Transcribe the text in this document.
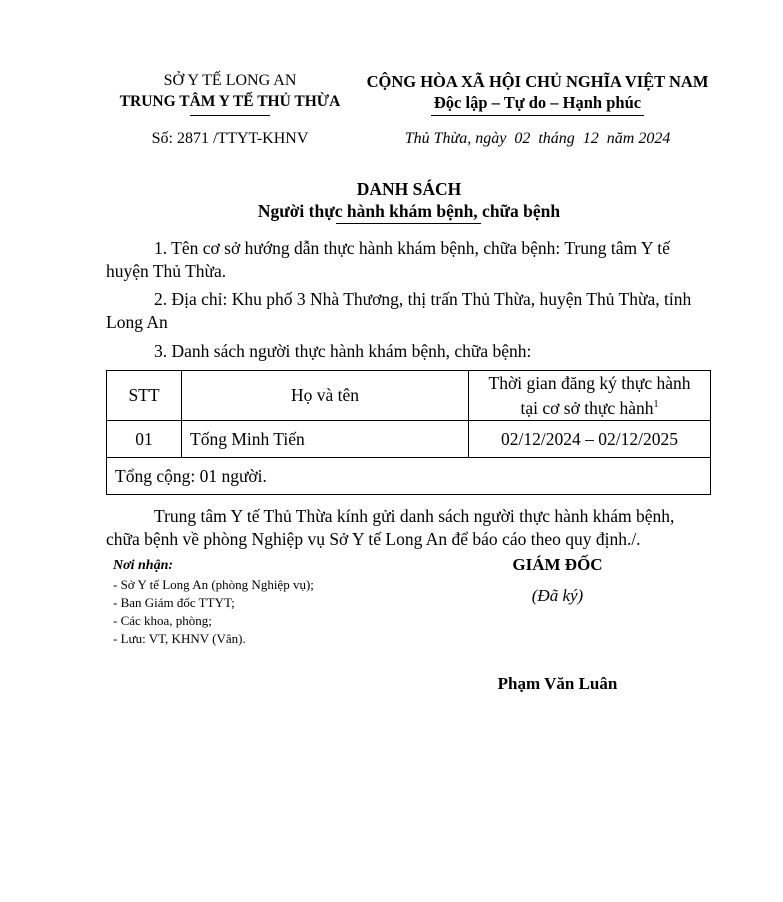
SỞ Y TẾ LONG AN
TRUNG TÂM Y TẾ THỦ THỪA
Số: 2871 /TTYT-KHNV
CỘNG HÒA XÃ HỘI CHỦ NGHĨA VIỆT NAM
Độc lập – Tự do – Hạnh phúc
Thủ Thừa, ngày  02  tháng  12  năm 2024
DANH SÁCH
Người thực hành khám bệnh, chữa bệnh
1. Tên cơ sở hướng dẫn thực hành khám bệnh, chữa bệnh: Trung tâm Y tế huyện Thủ Thừa.
2. Địa chỉ: Khu phố 3 Nhà Thương, thị trấn Thủ Thừa, huyện Thủ Thừa, tỉnh Long An
3. Danh sách người thực hành khám bệnh, chữa bệnh:
STT	Họ và tên	Thời gian đăng ký thực hành
tại cơ sở thực hành$^1$
01	Tống Minh Tiến	02/12/2024 – 02/12/2025
Tổng cộng: 01 người.		
Trung tâm Y tế Thủ Thừa kính gửi danh sách người thực hành khám bệnh, chữa bệnh về phòng Nghiệp vụ Sở Y tế Long An để báo cáo theo quy định./.
Nơi nhận:
- Sở Y tế Long An (phòng Nghiệp vụ);
- Ban Giám đốc TTYT;
- Các khoa, phòng;
- Lưu: VT, KHNV (Vân).
GIÁM ĐỐC
(Đã ký)
Phạm Văn Luân
